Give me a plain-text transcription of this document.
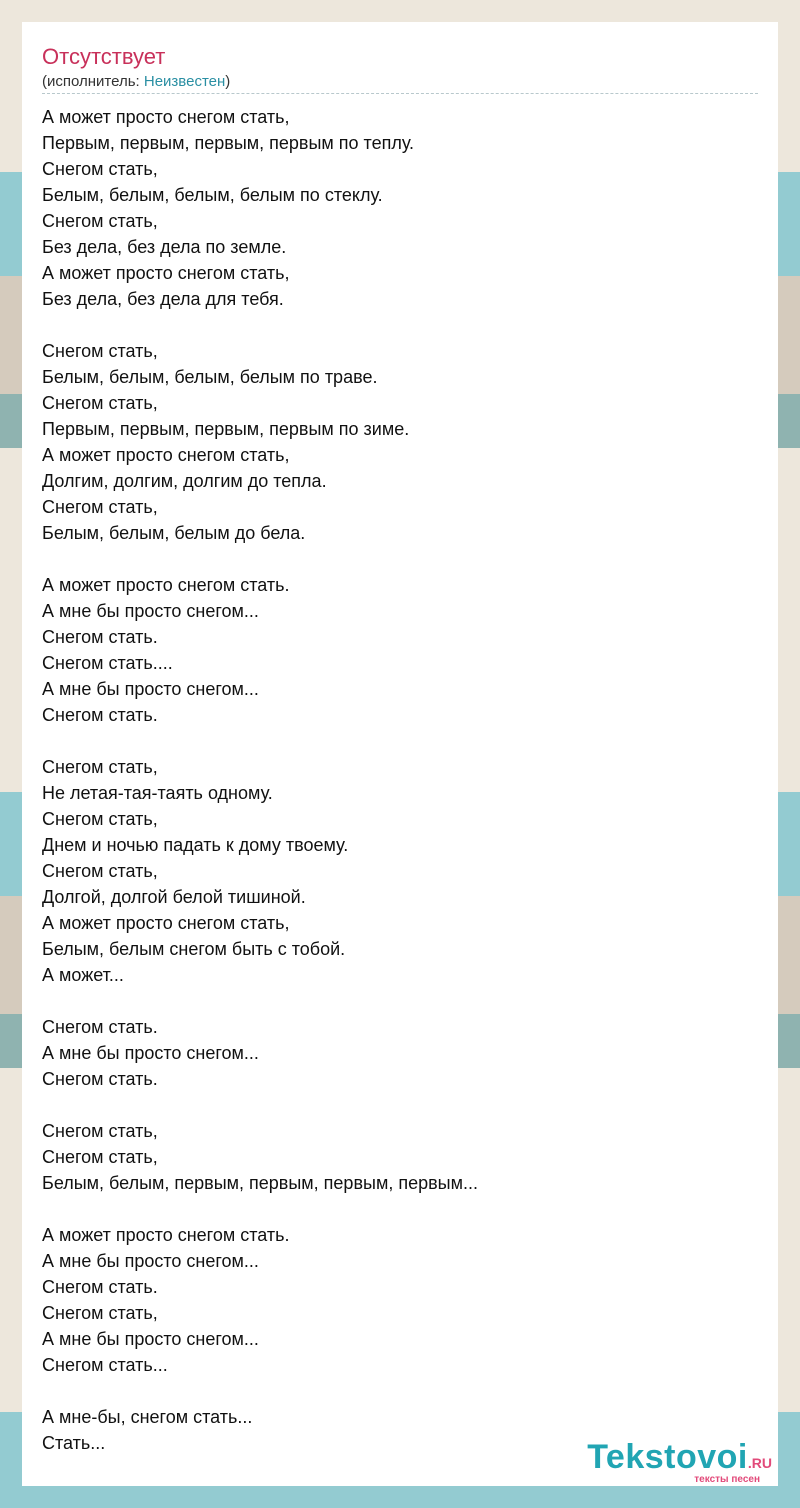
Отсутствует
(исполнитель: Неизвестен)
А может просто снегом стать,
Первым, первым, первым, первым по теплу.
Снегом стать,
Белым, белым, белым, белым по стеклу.
Снегом стать,
Без дела, без дела по земле.
А может просто снегом стать,
Без дела, без дела для тебя.

Снегом стать,
Белым, белым, белым, белым по траве.
Снегом стать,
Первым, первым, первым, первым по зиме.
А может просто снегом стать,
Долгим, долгим, долгим до тепла.
Снегом стать,
Белым, белым, белым до бела.

А может просто снегом стать.
А мне бы просто снегом...
Снегом стать.
Снегом стать....
А мне бы просто снегом...
Снегом стать.

Снегом стать,
Не летая-тая-таять одному.
Снегом стать,
Днем и ночью падать к дому твоему.
Снегом стать,
Долгой, долгой белой тишиной.
А может просто снегом стать,
Белым, белым снегом быть с тобой.
А может...

Снегом стать.
А мне бы просто снегом...
Снегом стать.

Снегом стать,
Снегом стать,
Белым, белым, первым, первым, первым, первым...

А может просто снегом стать.
А мне бы просто снегом...
Снегом стать.
Снегом стать,
А мне бы просто снегом...
Снегом стать...

А мне-бы, снегом стать...
Стать...	Tekstovoi.RU
тексты песен
